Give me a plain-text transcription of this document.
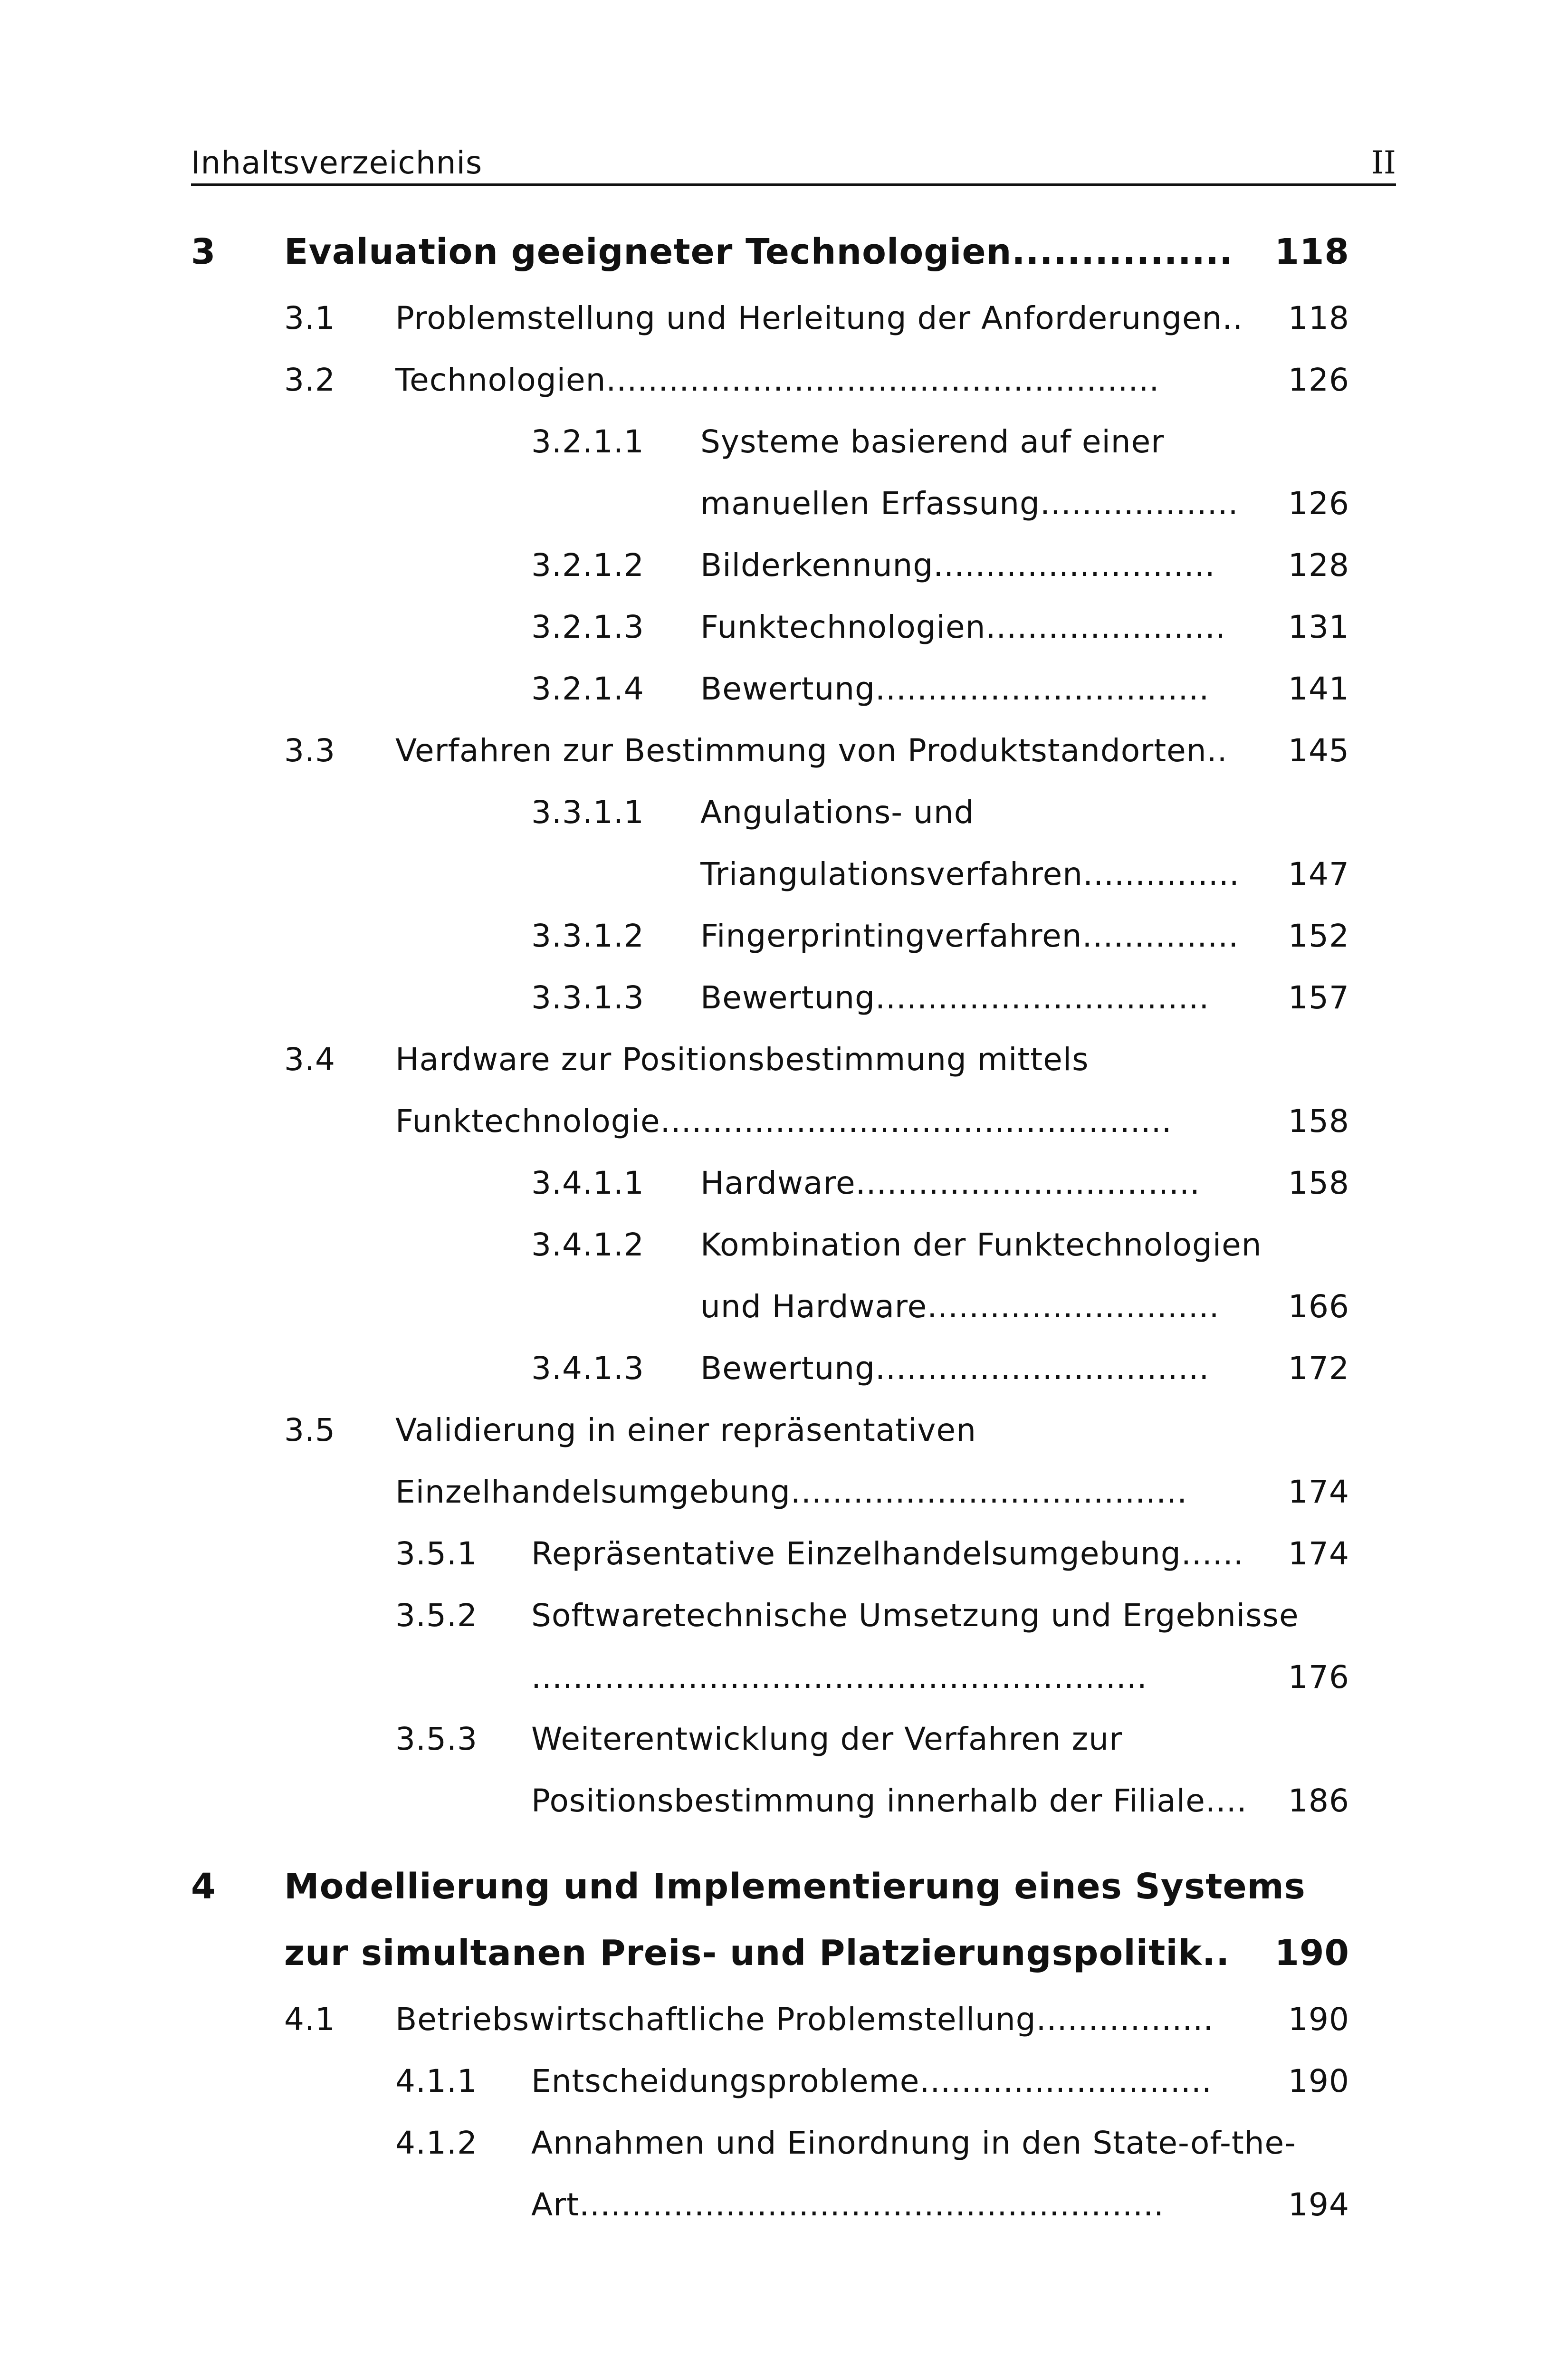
Inhaltsverzeichnis	II
3 Evaluation geeigneter Technologien ................	118
3.1 Problemstellung und Herleitung der Anforderungen ..	118
3.2 Technologien .....................................................	126
3.2.1.1 Systeme basierend auf einer
manuellen Erfassung ...................	126
3.2.1.2 Bilderkennung ...........................	128
3.2.1.3 Funktechnologien .......................	131
3.2.1.4 Bewertung ................................	141
3.3 Verfahren zur Bestimmung von Produktstandorten ..	145
3.3.1.1 Angulations- und
Triangulationsverfahren ...............	147
3.3.1.2 Fingerprintingverfahren ...............	152
3.3.1.3 Bewertung ................................	157
3.4 Hardware zur Positionsbestimmung mittels
Funktechnologie .................................................	158
3.4.1.1 Hardware .................................	158
3.4.1.2 Kombination der Funktechnologien
und Hardware ............................	166
3.4.1.3 Bewertung ................................	172
3.5 Validierung in einer repräsentativen
Einzelhandelsumgebung ......................................	174
3.5.1 Repräsentative Einzelhandelsumgebung ......	174
3.5.2 Softwaretechnische Umsetzung und Ergebnisse
...........................................................	176
3.5.3 Weiterentwicklung der Verfahren zur
Positionsbestimmung innerhalb der Filiale ....	186
4 Modellierung und Implementierung eines Systems
zur simultanen Preis- und Platzierungspolitik ..	190
4.1 Betriebswirtschaftliche Problemstellung .................	190
4.1.1 Entscheidungsprobleme ............................	190
4.1.2 Annahmen und Einordnung in den State-of-the-
Art ........................................................	194
